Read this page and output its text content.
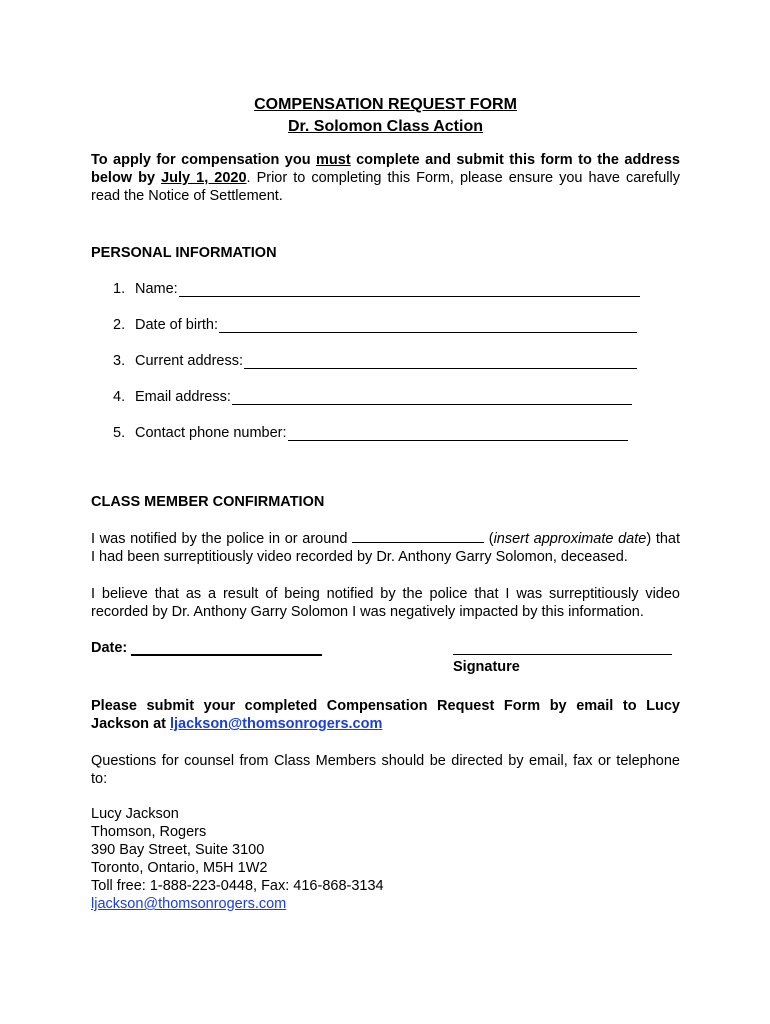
COMPENSATION REQUEST FORM
Dr. Solomon Class Action
To apply for compensation you must complete and submit this form to the address below by July 1, 2020. Prior to completing this Form, please ensure you have carefully read the Notice of Settlement.
PERSONAL INFORMATION
1. Name:
2. Date of birth:
3. Current address:
4. Email address:
5. Contact phone number:
CLASS MEMBER CONFIRMATION
I was notified by the police in or around	(insert approximate date) that I had been surreptitiously video recorded by Dr. Anthony Garry Solomon, deceased.
I believe that as a result of being notified by the police that I was surreptitiously video recorded by Dr. Anthony Garry Solomon I was negatively impacted by this information.
Date:
Signature
Please submit your completed Compensation Request Form by email to Lucy Jackson at ljackson@thomsonrogers.com
Questions for counsel from Class Members should be directed by email, fax or telephone to:
Lucy Jackson
Thomson, Rogers
390 Bay Street, Suite 3100
Toronto, Ontario, M5H 1W2
Toll free: 1-888-223-0448, Fax: 416-868-3134
ljackson@thomsonrogers.com
